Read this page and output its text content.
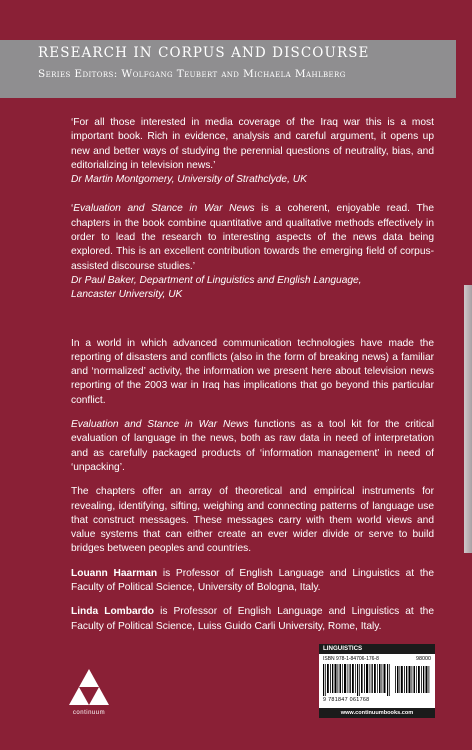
RESEARCH IN CORPUS AND DISCOURSE
Series Editors: Wolfgang Teubert and Michaela Mahlberg

‘For all those interested in media coverage of the Iraq war this is a most important book. Rich in evidence, analysis and careful argument, it opens up new and better ways of studying the perennial questions of neutrality, bias, and editorializing in television news.’

Dr Martin Montgomery, University of Strathclyde, UK

‘Evaluation and Stance in War News is a coherent, enjoyable read. The chapters in the book combine quantitative and qualitative methods effectively in order to lead the research to interesting aspects of the news data being explored. This is an excellent contribution towards the emerging field of corpus-assisted discourse studies.’

Dr Paul Baker, Department of Linguistics and English Language,

Lancaster University, UK

In a world in which advanced communication technologies have made the reporting of disasters and conflicts (also in the form of breaking news) a familiar and ‘normalized’ activity, the information we present here about television news reporting of the 2003 war in Iraq has implications that go beyond this particular conflict.

Evaluation and Stance in War News functions as a tool kit for the critical evaluation of language in the news, both as raw data in need of interpretation and as carefully packaged products of ‘information management’ in need of ‘unpacking’.

The chapters offer an array of theoretical and empirical instruments for revealing, identifying, sifting, weighing and connecting patterns of language use that construct messages. These messages carry with them world views and value systems that can either create an ever wider divide or serve to build bridges between peoples and countries.

Louann Haarman is Professor of English Language and Linguistics at the Faculty of Political Science, University of Bologna, Italy.

Linda Lombardo is Professor of English Language and Linguistics at the Faculty of Political Science, Luiss Guido Carli University, Rome, Italy.

continuum
LINGUISTICS
ISBN 978-1-84706-176-8
9 781847 061768
98000
www.continuumbooks.com
